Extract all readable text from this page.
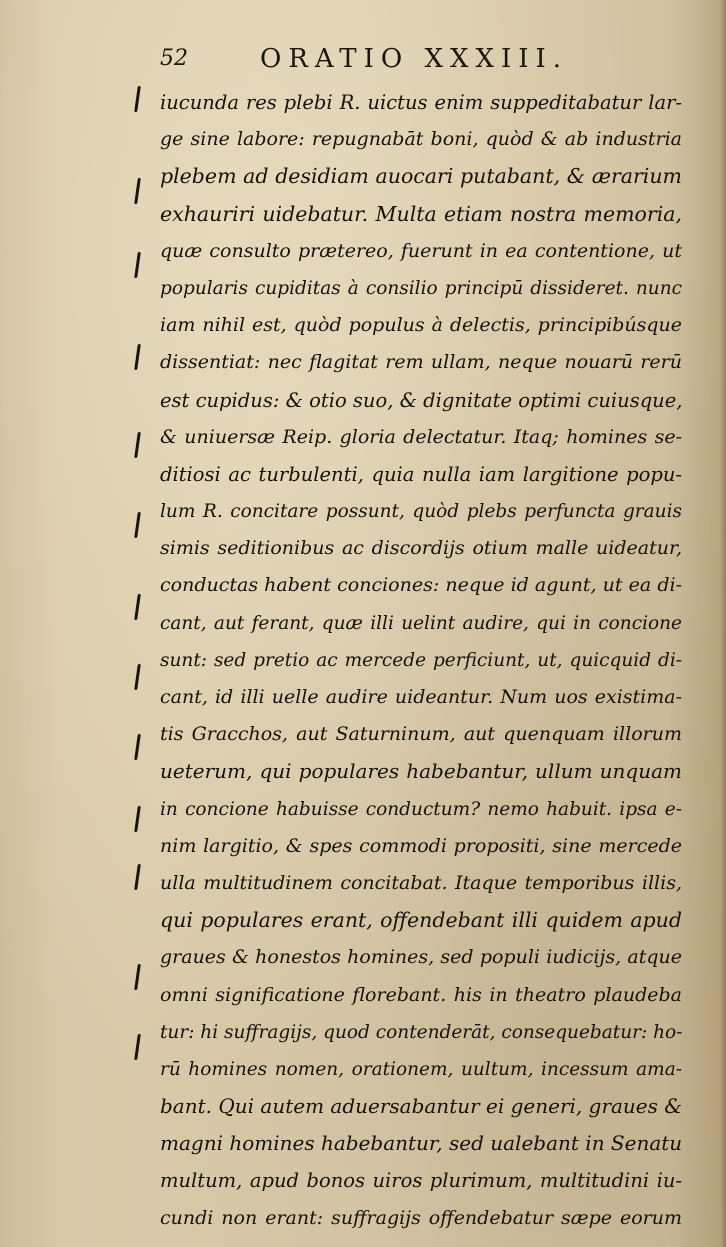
52	ORATIO XXXIII.
iucunda res plebi R. uictus enim suppeditabatur lar-
ge sine labore: repugnabāt boni, quòd & ab industria
plebem ad desidiam auocari putabant, & ærarium
exhauriri uidebatur. Multa etiam nostra memoria,
quæ consulto prætereo, fuerunt in ea contentione, ut
popularis cupiditas à consilio principū dissideret. nunc
iam nihil est, quòd populus à delectis, principibúsque
dissentiat: nec flagitat rem ullam, neque nouarū rerū
est cupidus: & otio suo, & dignitate optimi cuiusque,
& uniuersæ Reip. gloria delectatur. Itaq; homines se-
ditiosi ac turbulenti, quia nulla iam largitione popu-
lum R. concitare possunt, quòd plebs perfuncta grauis
simis seditionibus ac discordijs otium malle uideatur,
conductas habent conciones: neque id agunt, ut ea di-
cant, aut ferant, quæ illi uelint audire, qui in concione
sunt: sed pretio ac mercede perficiunt, ut, quicquid di-
cant, id illi uelle audire uideantur. Num uos existima-
tis Gracchos, aut Saturninum, aut quenquam illorum
ueterum, qui populares habebantur, ullum unquam
in concione habuisse conductum? nemo habuit. ipsa e-
nim largitio, & spes commodi propositi, sine mercede
ulla multitudinem concitabat. Itaque temporibus illis,
qui populares erant, offendebant illi quidem apud
graues & honestos homines, sed populi iudicijs, atque
omni significatione florebant. his in theatro plaudeba
tur: hi suffragijs, quod contenderāt, consequebatur: ho-
rū homines nomen, orationem, uultum, incessum ama-
bant. Qui autem aduersabantur ei generi, graues &
magni homines habebantur, sed ualebant in Senatu
multum, apud bonos uiros plurimum, multitudini iu-
cundi non erant: suffragijs offendebatur sæpe eorum
